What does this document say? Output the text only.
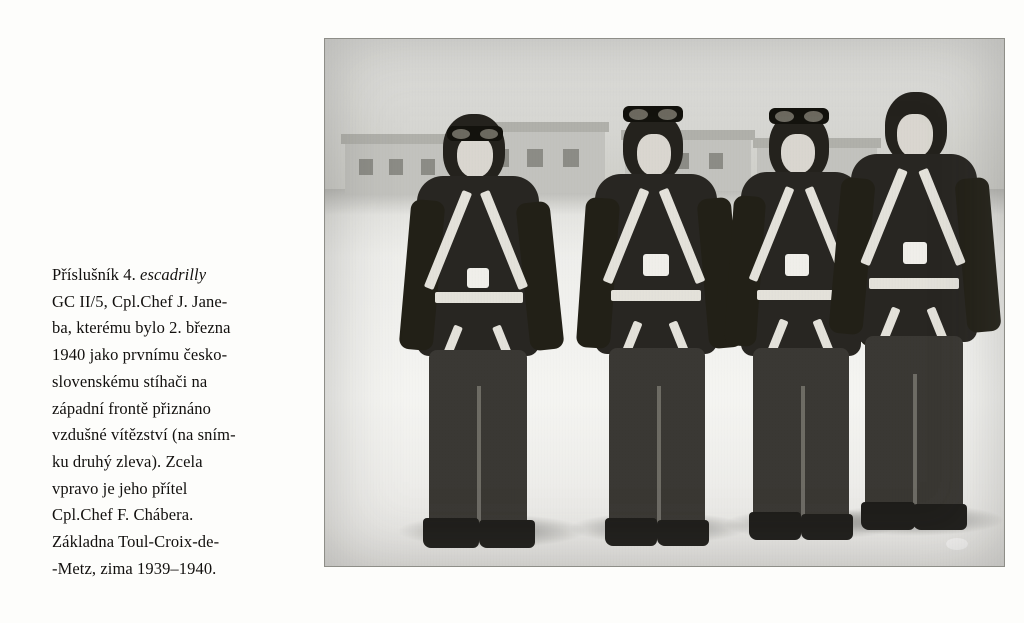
Příslušník 4. escadrilly
GC II/5, Cpl.Chef J. Jane-
ba, kterému bylo 2. března
1940 jako prvnímu česko-
slovenskému stíhači na
západní frontě přiznáno
vzdušné vítězství (na sním-
ku druhý zleva). Zcela
vpravo je jeho přítel
Cpl.Chef F. Chábera.
Základna Toul-Croix-de-
-Metz, zima 1939–1940.
